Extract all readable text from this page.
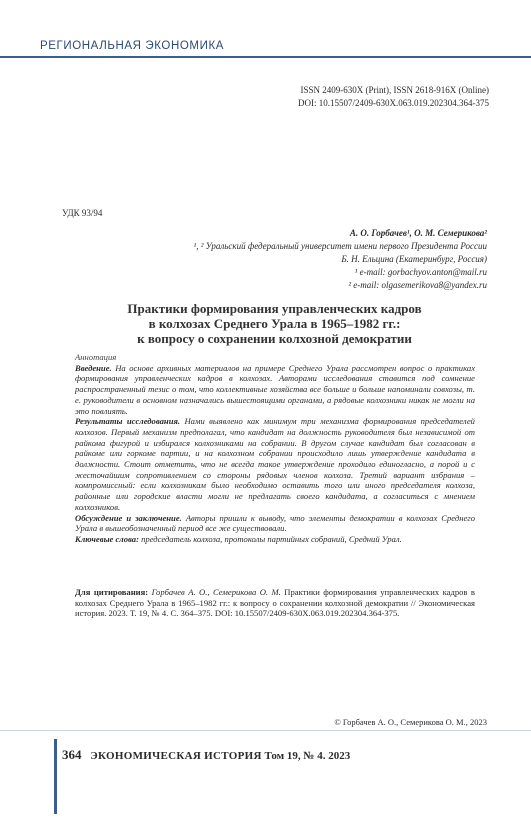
РЕГИОНАЛЬНАЯ ЭКОНОМИКА
ISSN 2409-630X (Print), ISSN 2618-916X (Online)
DOI: 10.15507/2409-630X.063.019.202304.364-375
УДК 93/94
А. О. Горбачев¹, О. М. Семерикова²
¹, ² Уральский федеральный университет имени первого Президента России
Б. Н. Ельцина (Екатеринбург, Россия)
¹ e-mail: gorbachyov.anton@mail.ru
² e-mail: olgasemerikova8@yandex.ru
Практики формирования управленческих кадров
в колхозах Среднего Урала в 1965–1982 гг.:
к вопросу о сохранении колхозной демократии

Аннотация

Введение. На основе архивных материалов на примере Среднего Урала рассмотрен вопрос о практиках формирования управленческих кадров в колхозах. Авторами исследования ставится под сомнение распространенный тезис о том, что коллективные хозяйства все больше и больше напоминали совхозы, т. е. руководители в основном назначались вышестоящими органами, а рядовые колхозники никак не могли на это повлиять.

Результаты исследования. Нами выявлено как минимум три механизма формирования председателей колхозов. Первый механизм предполагал, что кандидат на должность руководителя был независимой от райкома фигурой и избирался колхозниками на собрании. В другом случае кандидат был согласован в райкоме или горкоме партии, и на колхозном собрании происходило лишь утверждение кандидата в должности. Стоит отметить, что не всегда такое утверждение проходило единогласно, а порой и с жесточайшим сопротивлением со стороны рядовых членов колхоза. Третий вариант избрания – компромиссный: если колхозникам было необходимо оставить того или иного председателя колхоза, районные или городские власти могли не предлагать своего кандидата, а согласиться с мнением колхозников.

Обсуждение и заключение. Авторы пришли к выводу, что элементы демократии в колхозах Среднего Урала в вышеобозначенный период все же существовали.

Ключевые слова: председатель колхоза, протоколы партийных собраний, Средний Урал.

Для цитирования: Горбачев А. О., Семерикова О. М. Практики формирования управленческих кадров в колхозах Среднего Урала в 1965–1982 гг.: к вопросу о сохранении колхозной демократии // Экономическая история. 2023. Т. 19, № 4. С. 364–375. DOI: 10.15507/2409-630X.063.019.202304.364-375.
© Горбачев А. О., Семерикова О. М., 2023
364 ЭКОНОМИЧЕСКАЯ ИСТОРИЯ Том 19, № 4. 2023
